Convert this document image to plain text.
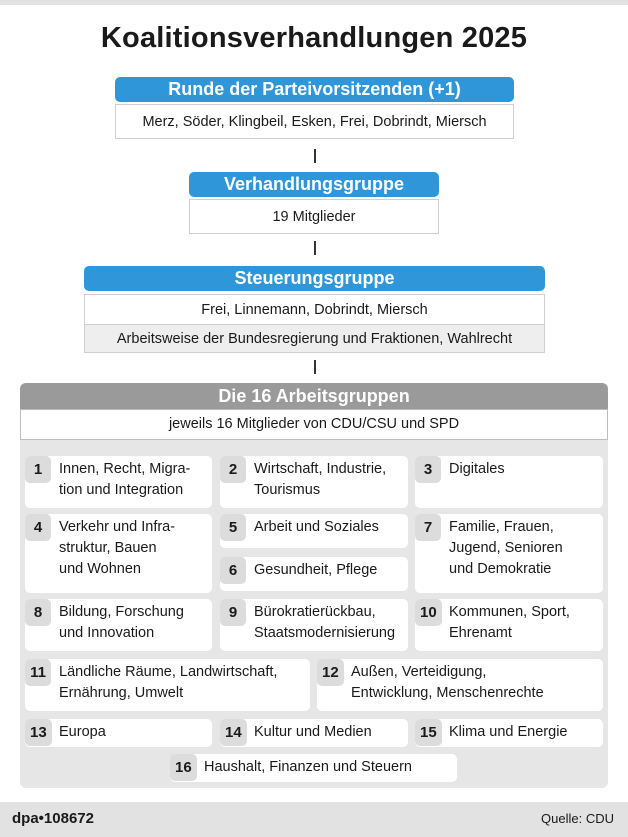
Koalitionsverhandlungen 2025
Runde der Parteivorsitzenden (+1)
Merz, Söder, Klingbeil, Esken, Frei, Dobrindt, Miersch
Verhandlungsgruppe
19 Mitglieder
Steuerungsgruppe
Frei, Linnemann, Dobrindt, Miersch
Arbeitsweise der Bundesregierung und Fraktionen, Wahlrecht
Die 16 Arbeitsgruppen
jeweils 16 Mitglieder von CDU/CSU und SPD
1	Innen, Recht, Migra-
tion und Integration
2	Wirtschaft, Industrie,
Tourismus
3	Digitales
4	Verkehr und Infra-
struktur, Bauen
und Wohnen
5	Arbeit und Soziales
6	Gesundheit, Pflege
7	Familie, Frauen,
Jugend, Senioren
und Demokratie
8	Bildung, Forschung
und Innovation
9	Bürokratierückbau,
Staatsmodernisierung
10 Kommunen, Sport,
Ehrenamt
11 Ländliche Räume, Landwirtschaft,
Ernährung, Umwelt
12 Außen, Verteidigung,
Entwicklung, Menschenrechte
13 Europa	14 Kultur und Medien	15 Klima und Energie
16 Haushalt, Finanzen und Steuern
dpa•108672	Quelle: CDU
